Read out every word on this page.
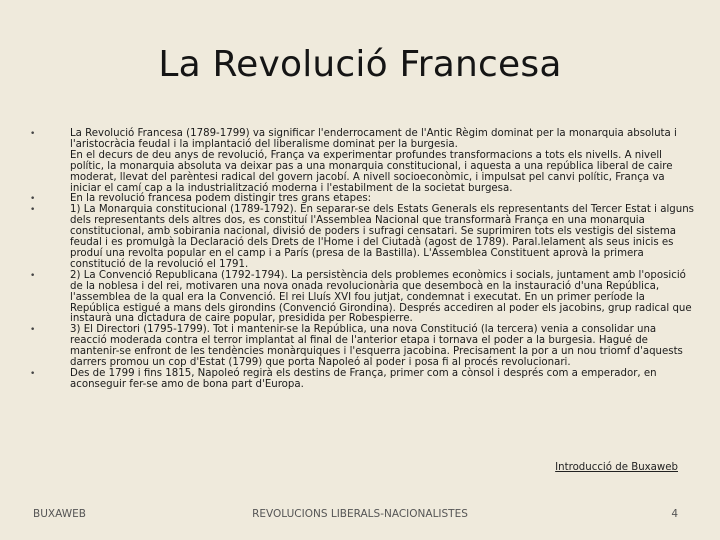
La Revolució Francesa
•	La Revolució Francesa (1789-1799) va significar l'enderrocament de l'Antic Règim dominat per la monarquia absoluta i l'aristocràcia feudal i la implantació del liberalisme dominat per la burgesia.
En el decurs de deu anys de revolució, França va experimentar profundes transformacions a tots els nivells. A nivell polític, la monarquia absoluta va deixar pas a una monarquia constitucional, i aquesta a una república liberal de caire moderat, llevat del parèntesi radical del govern jacobí. A nivell socioeconòmic, i impulsat pel canvi polític, França va iniciar el camí cap a la industrialització moderna i l'estabilment de la societat burgesa.
•	En la revolució francesa podem distingir tres grans etapes:
•	1) La Monarquia constitucional (1789-1792). En separar-se dels Estats Generals els representants del Tercer Estat i alguns dels representants dels altres dos, es constituí l'Assemblea Nacional que transformarà França en una monarquia constitucional, amb sobirania nacional, divisió de poders i sufragi censatari. Se suprimiren tots els vestigis del sistema feudal i es promulgà la Declaració dels Drets de l'Home i del Ciutadà (agost de 1789). Paral.lelament als seus inicis es produí una revolta popular en el camp i a París (presa de la Bastilla). L'Assemblea Constituent aprovà la primera constitució de la revolució el 1791.
•	2) La Convenció Republicana (1792-1794). La persistència dels problemes econòmics i socials, juntament amb l'oposició de la noblesa i del rei, motivaren una nova onada revolucionària que desembocà en la instauració d'una República, l'assemblea de la qual era la Convenció. El rei Lluís XVI fou jutjat, condemnat i executat. En un primer període la República estigué a mans dels girondins (Convenció Girondina). Després accediren al poder els jacobins, grup radical que instaurà una dictadura de caire popular, presidida per Robespierre.
•	3) El Directori (1795-1799). Tot i mantenir-se la República, una nova Constitució (la tercera) venia a consolidar una reacció moderada contra el terror implantat al final de l'anterior etapa i tornava el poder a la burgesia. Hagué de mantenir-se enfront de les tendències monàrquiques i l'esquerra jacobina. Precisament la por a un nou triomf d'aquests darrers promou un cop d'Estat (1799) que porta Napoleó al poder i posa fi al procés revolucionari.
•	Des de 1799 i fins 1815, Napoleó regirà els destins de França, primer com a cònsol i després com a emperador, en aconseguir fer-se amo de bona part d'Europa.
Introducció de Buxaweb
BUXAWEB	REVOLUCIONS LIBERALS-NACIONALISTES	4
